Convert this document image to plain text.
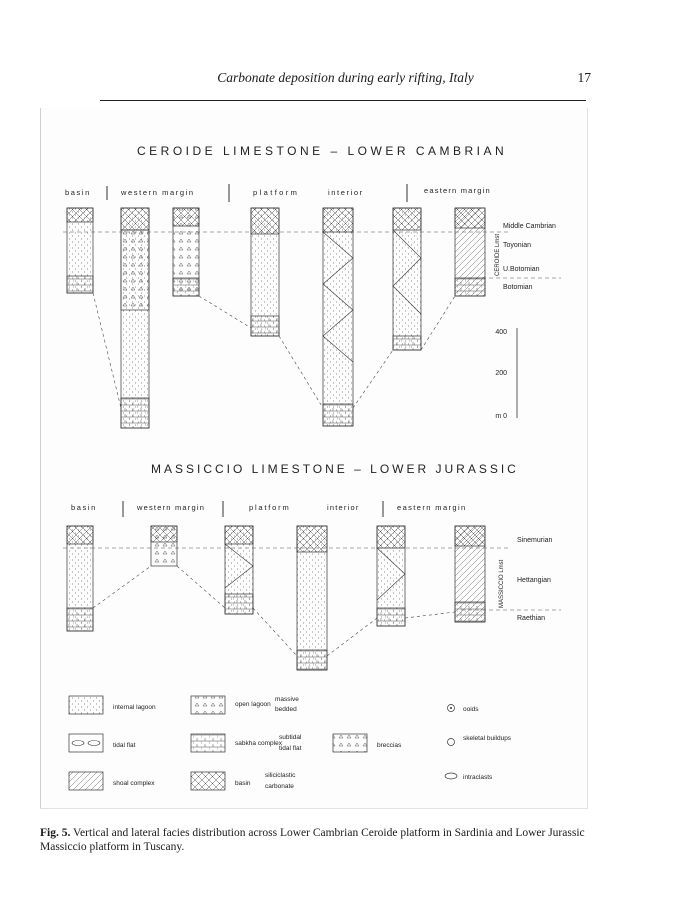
Carbonate deposition during early rifting, Italy	17
CEROIDE LIMESTONE – LOWER CAMBRIAN
basin	western margin	platform	interior	eastern margin
Middle Cambrian
Toyonian
U.Botomian
Botomian
CEROIDE Lmst
400
200
m 0
MASSICCIO LIMESTONE – LOWER JURASSIC
basin	western margin	platform	interior	eastern margin
Sinemurian
Hettangian
Raethian
MASSICCIO Lmst
internal lagoon
tidal flat
shoal complex
open lagoon
massive
bedded
sabkha complex
subtidal
tidal flat
basin
siliciclastic
carbonate
breccias
ooids
skeletal buildups
intraclasts
Fig. 5. Vertical and lateral facies distribution across Lower Cambrian Ceroide platform in Sardinia and Lower Jurassic Massiccio platform in Tuscany.
